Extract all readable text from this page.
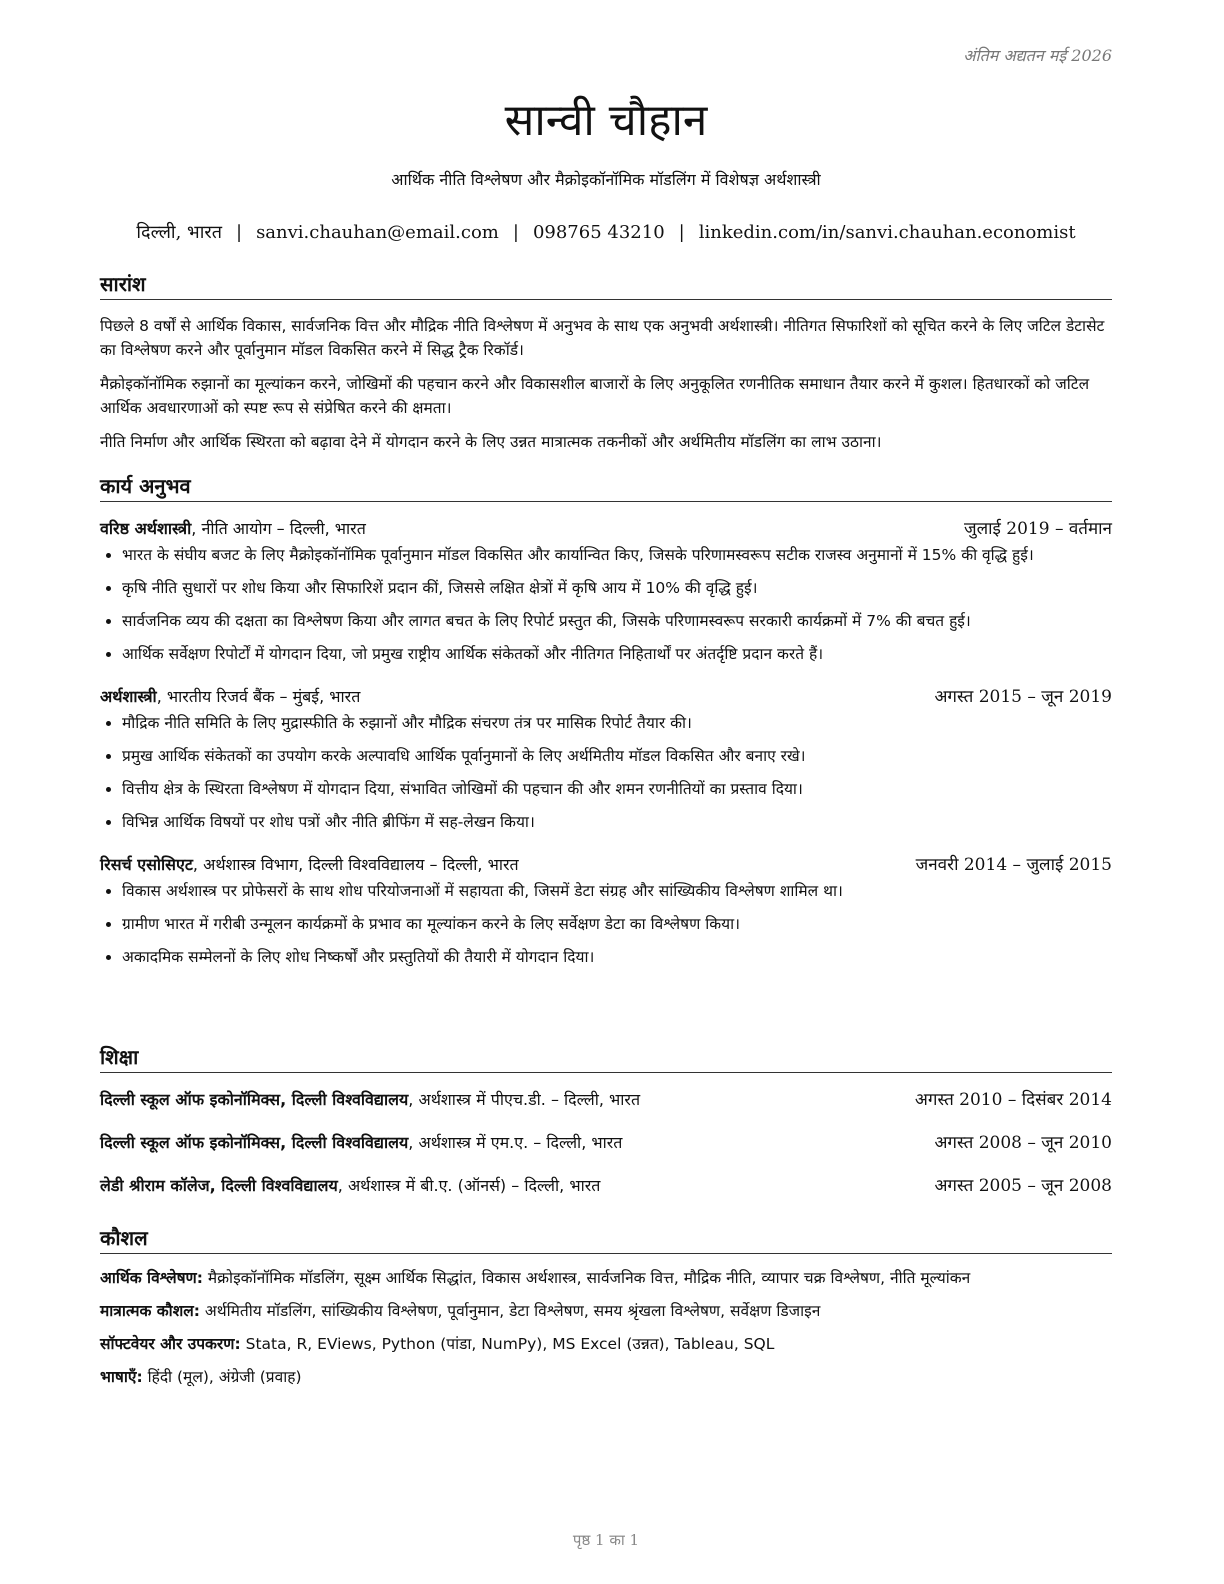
अंतिम अद्यतन मई 2026
सान्वी चौहान
आर्थिक नीति विश्लेषण और मैक्रोइकॉनॉमिक मॉडलिंग में विशेषज्ञ अर्थशास्त्री
दिल्ली, भारत | sanvi.chauhan@email.com | 098765 43210 | linkedin.com/in/sanvi.chauhan.economist
सारांश

पिछले 8 वर्षों से आर्थिक विकास, सार्वजनिक वित्त और मौद्रिक नीति विश्लेषण में अनुभव के साथ एक अनुभवी अर्थशास्त्री। नीतिगत सिफारिशों को सूचित करने के लिए जटिल डेटासेट का विश्लेषण करने और पूर्वानुमान मॉडल विकसित करने में सिद्ध ट्रैक रिकॉर्ड।

मैक्रोइकॉनॉमिक रुझानों का मूल्यांकन करने, जोखिमों की पहचान करने और विकासशील बाजारों के लिए अनुकूलित रणनीतिक समाधान तैयार करने में कुशल। हितधारकों को जटिल आर्थिक अवधारणाओं को स्पष्ट रूप से संप्रेषित करने की क्षमता।

नीति निर्माण और आर्थिक स्थिरता को बढ़ावा देने में योगदान करने के लिए उन्नत मात्रात्मक तकनीकों और अर्थमितीय मॉडलिंग का लाभ उठाना।

कार्य अनुभव
वरिष्ठ अर्थशास्त्री, नीति आयोग – दिल्ली, भारत	जुलाई 2019 – वर्तमान
• भारत के संघीय बजट के लिए मैक्रोइकॉनॉमिक पूर्वानुमान मॉडल विकसित और कार्यान्वित किए, जिसके परिणामस्वरूप सटीक राजस्व अनुमानों में 15% की वृद्धि हुई।
• कृषि नीति सुधारों पर शोध किया और सिफारिशें प्रदान कीं, जिससे लक्षित क्षेत्रों में कृषि आय में 10% की वृद्धि हुई।
• सार्वजनिक व्यय की दक्षता का विश्लेषण किया और लागत बचत के लिए रिपोर्ट प्रस्तुत की, जिसके परिणामस्वरूप सरकारी कार्यक्रमों में 7% की बचत हुई।
• आर्थिक सर्वेक्षण रिपोर्टों में योगदान दिया, जो प्रमुख राष्ट्रीय आर्थिक संकेतकों और नीतिगत निहितार्थों पर अंतर्दृष्टि प्रदान करते हैं।
अर्थशास्त्री, भारतीय रिजर्व बैंक – मुंबई, भारत	अगस्त 2015 – जून 2019
• मौद्रिक नीति समिति के लिए मुद्रास्फीति के रुझानों और मौद्रिक संचरण तंत्र पर मासिक रिपोर्ट तैयार की।
• प्रमुख आर्थिक संकेतकों का उपयोग करके अल्पावधि आर्थिक पूर्वानुमानों के लिए अर्थमितीय मॉडल विकसित और बनाए रखे।
• वित्तीय क्षेत्र के स्थिरता विश्लेषण में योगदान दिया, संभावित जोखिमों की पहचान की और शमन रणनीतियों का प्रस्ताव दिया।
• विभिन्न आर्थिक विषयों पर शोध पत्रों और नीति ब्रीफिंग में सह-लेखन किया।
रिसर्च एसोसिएट, अर्थशास्त्र विभाग, दिल्ली विश्वविद्यालय – दिल्ली, भारत	जनवरी 2014 – जुलाई 2015
• विकास अर्थशास्त्र पर प्रोफेसरों के साथ शोध परियोजनाओं में सहायता की, जिसमें डेटा संग्रह और सांख्यिकीय विश्लेषण शामिल था।
• ग्रामीण भारत में गरीबी उन्मूलन कार्यक्रमों के प्रभाव का मूल्यांकन करने के लिए सर्वेक्षण डेटा का विश्लेषण किया।
• अकादमिक सम्मेलनों के लिए शोध निष्कर्षों और प्रस्तुतियों की तैयारी में योगदान दिया।
शिक्षा
दिल्ली स्कूल ऑफ इकोनॉमिक्स, दिल्ली विश्वविद्यालय, अर्थशास्त्र में पीएच.डी. – दिल्ली, भारत	अगस्त 2010 – दिसंबर 2014
दिल्ली स्कूल ऑफ इकोनॉमिक्स, दिल्ली विश्वविद्यालय, अर्थशास्त्र में एम.ए. – दिल्ली, भारत	अगस्त 2008 – जून 2010
लेडी श्रीराम कॉलेज, दिल्ली विश्वविद्यालय, अर्थशास्त्र में बी.ए. (ऑनर्स) – दिल्ली, भारत	अगस्त 2005 – जून 2008
कौशल
आर्थिक विश्लेषण: मैक्रोइकॉनॉमिक मॉडलिंग, सूक्ष्म आर्थिक सिद्धांत, विकास अर्थशास्त्र, सार्वजनिक वित्त, मौद्रिक नीति, व्यापार चक्र विश्लेषण, नीति मूल्यांकन
मात्रात्मक कौशल: अर्थमितीय मॉडलिंग, सांख्यिकीय विश्लेषण, पूर्वानुमान, डेटा विश्लेषण, समय श्रृंखला विश्लेषण, सर्वेक्षण डिजाइन
सॉफ्टवेयर और उपकरण: Stata, R, EViews, Python (पांडा, NumPy), MS Excel (उन्नत), Tableau, SQL
भाषाएँ: हिंदी (मूल), अंग्रेजी (प्रवाह)
पृष्ठ 1 का 1
